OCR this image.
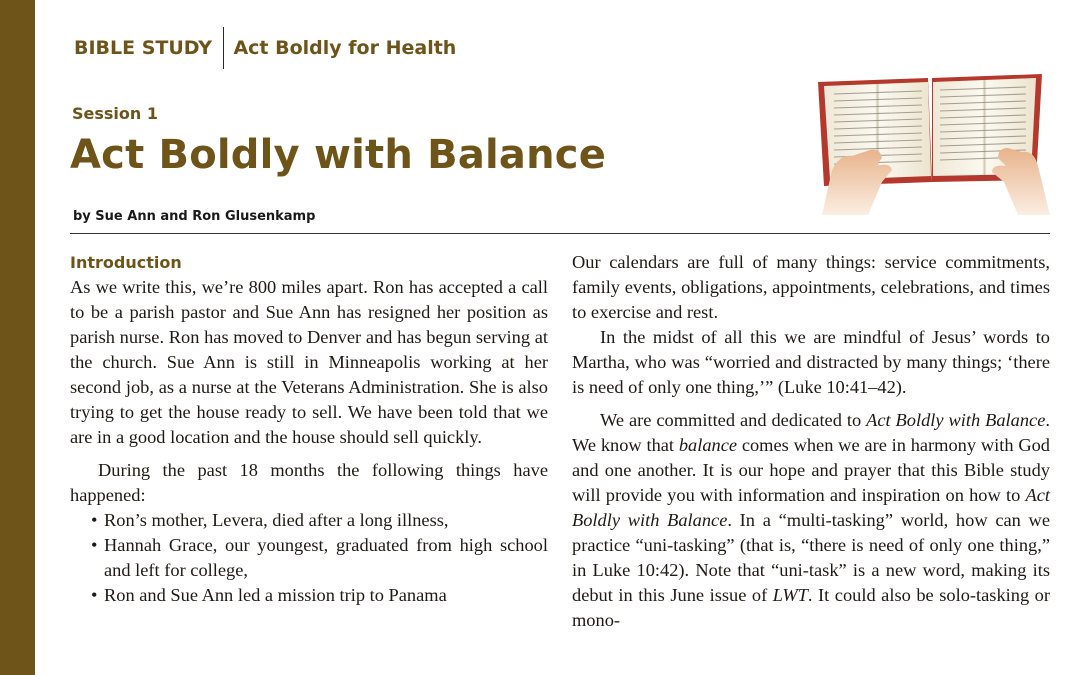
BIBLE STUDY Act Boldly for Health
Session 1
Act Boldly with Balance
by Sue Ann and Ron Glusenkamp
Introduction

As we write this, we’re 800 miles apart. Ron has accepted a call to be a parish pastor and Sue Ann has resigned her position as parish nurse. Ron has moved to Denver and has begun serving at the church. Sue Ann is still in Minneapolis working at her second job, as a nurse at the Veterans Administration. She is also trying to get the house ready to sell. We have been told that we are in a good location and the house should sell quickly.

During the past 18 months the following things have happened:

• Ron’s mother, Levera, died after a long illness,
• Hannah Grace, our youngest, graduated from high school and left for college,
• Ron and Sue Ann led a mission trip to Panama

Our calendars are full of many things: service commitments, family events, obligations, appointments, celebrations, and times to exercise and rest.

In the midst of all this we are mindful of Jesus’ words to Martha, who was “worried and distracted by many things; ‘there is need of only one thing,’” (Luke 10:41–42).

We are committed and dedicated to Act Boldly with Balance. We know that balance comes when we are in harmony with God and one another. It is our hope and prayer that this Bible study will provide you with information and inspiration on how to Act Boldly with Balance. In a “multi-tasking” world, how can we practice “uni-tasking” (that is, “there is need of only one thing,” in Luke 10:42). Note that “uni-task” is a new word, making its debut in this June issue of LWT. It could also be solo-tasking or mono-
